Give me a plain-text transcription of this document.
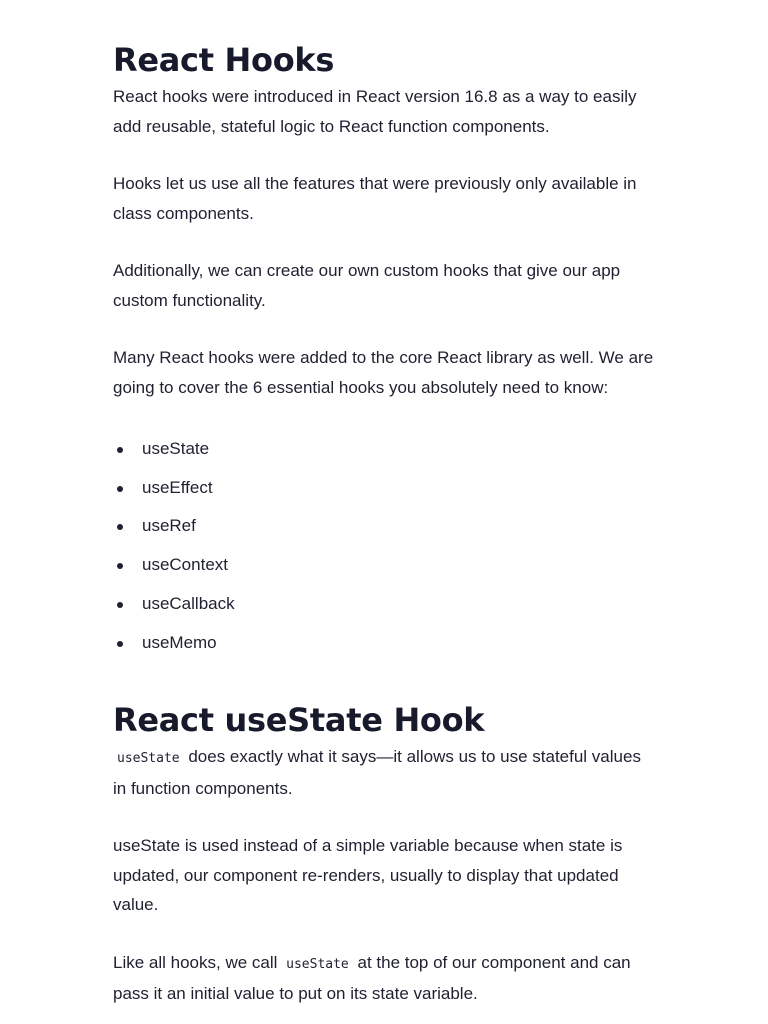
React Hooks

React hooks were introduced in React version 16.8 as a way to easily add reusable, stateful logic to React function components.

Hooks let us use all the features that were previously only available in class components.

Additionally, we can create our own custom hooks that give our app custom functionality.

Many React hooks were added to the core React library as well. We are going to cover the 6 essential hooks you absolutely need to know:

useState
useEffect
useRef
useContext
useCallback
useMemo
React useState Hook

useState does exactly what it says—it allows us to use stateful values in function components.

useState is used instead of a simple variable because when state is updated, our component re-renders, usually to display that updated value.

Like all hooks, we call useState at the top of our component and can pass it an initial value to put on its state variable.
